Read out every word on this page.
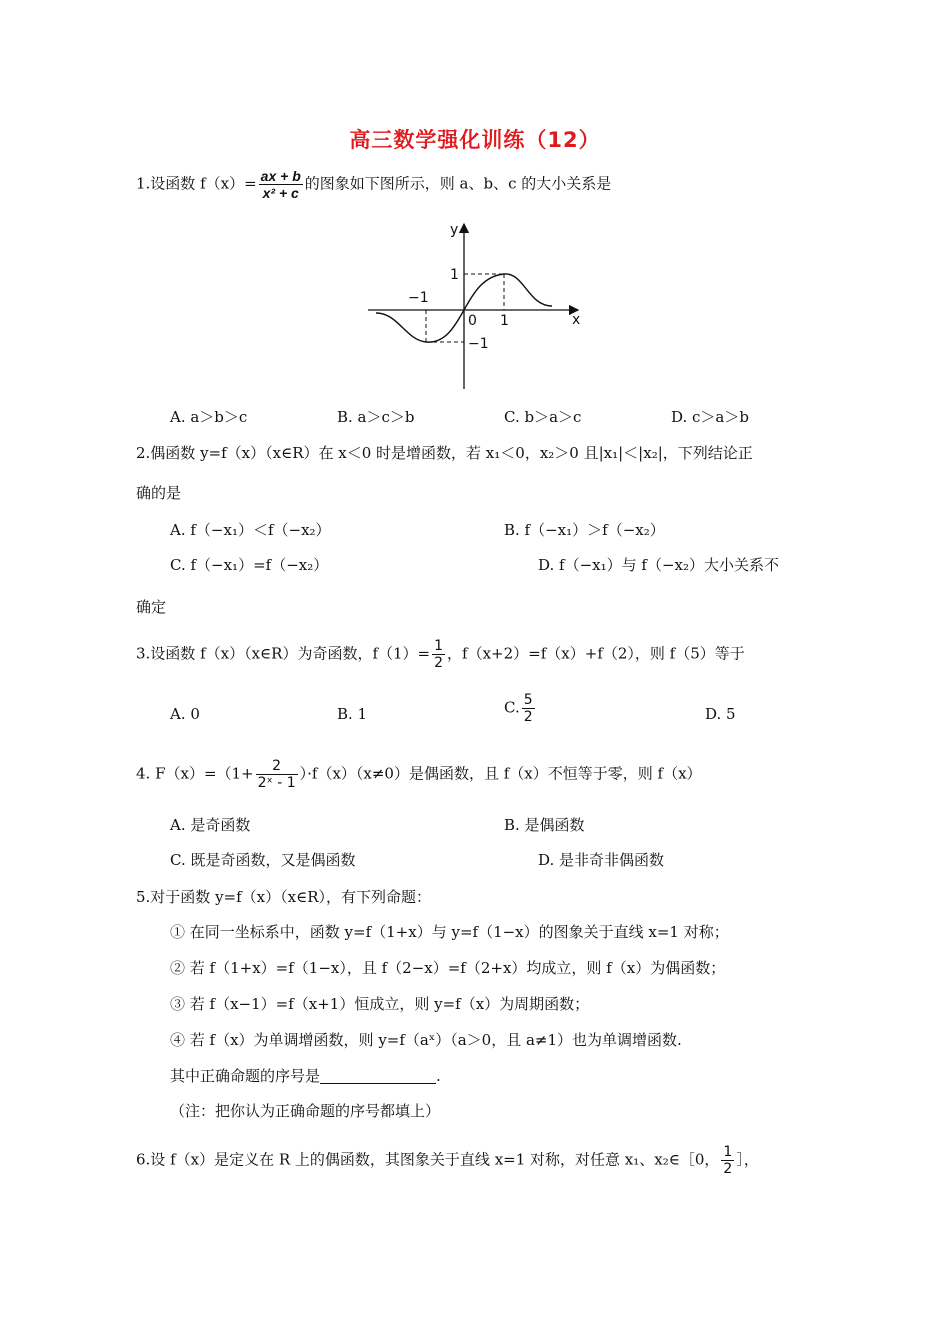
高三数学强化训练（12）
1.设函数 $f(x)= \frac{ax + b}{\text{x² + c}}$ 的图象如下图所示，则 a、b、c 的大小关系是
y
x
1
−1
0 1
−1
A. a＞b＞c	B. a＞c＞b	C. b＞a＞c	D. c＞a＞b
2.偶函数 y=f（x）（x∈R）在 x＜0 时是增函数，若 x₁＜0，x₂＞0 且|x₁|＜|x₂|，下列结论正
确的是
A. f（−x₁）＜f（−x₂）	B. f（−x₁）＞f（−x₂）
C. f（−x₁）=f（−x₂）	D. f（−x₁）与 f（−x₂）大小关系不
确定
3.设函数 f（x）（x∈R）为奇函数，$f(1)= \frac{1}{2}$ ，f（x+2）=f（x）+f（2），则 f（5）等于
A. 0	B. 1	C. $\frac{5}{2}$	D. 5
4. $F(x)=(1+ \frac{2}{\text{2ˣ - 1}} )\cdot f(x)(x\ne 0)$是偶函数，且 f（x）不恒等于零，则 f（x）
A. 是奇函数	B. 是偶函数
C. 既是奇函数，又是偶函数	D. 是非奇非偶函数
5.对于函数 y=f（x）（x∈R），有下列命题：
① 在同一坐标系中，函数 y=f（1+x）与 y=f（1−x）的图象关于直线 x=1 对称；
② 若 f（1+x）=f（1−x），且 f（2−x）=f（2+x）均成立，则 f（x）为偶函数；
③ 若 f（x−1）=f（x+1）恒成立，则 y=f（x）为周期函数；
④ 若 f（x）为单调增函数，则 y=f（aˣ）（a＞0，且 a≠1）也为单调增函数.
其中正确命题的序号是	.
（注：把你认为正确命题的序号都填上）
6.设 f（x）是定义在 R 上的偶函数，其图象关于直线 x=1 对称，对任意 x₁、x₂∈［0， $\frac{1}{2}$ ］，
